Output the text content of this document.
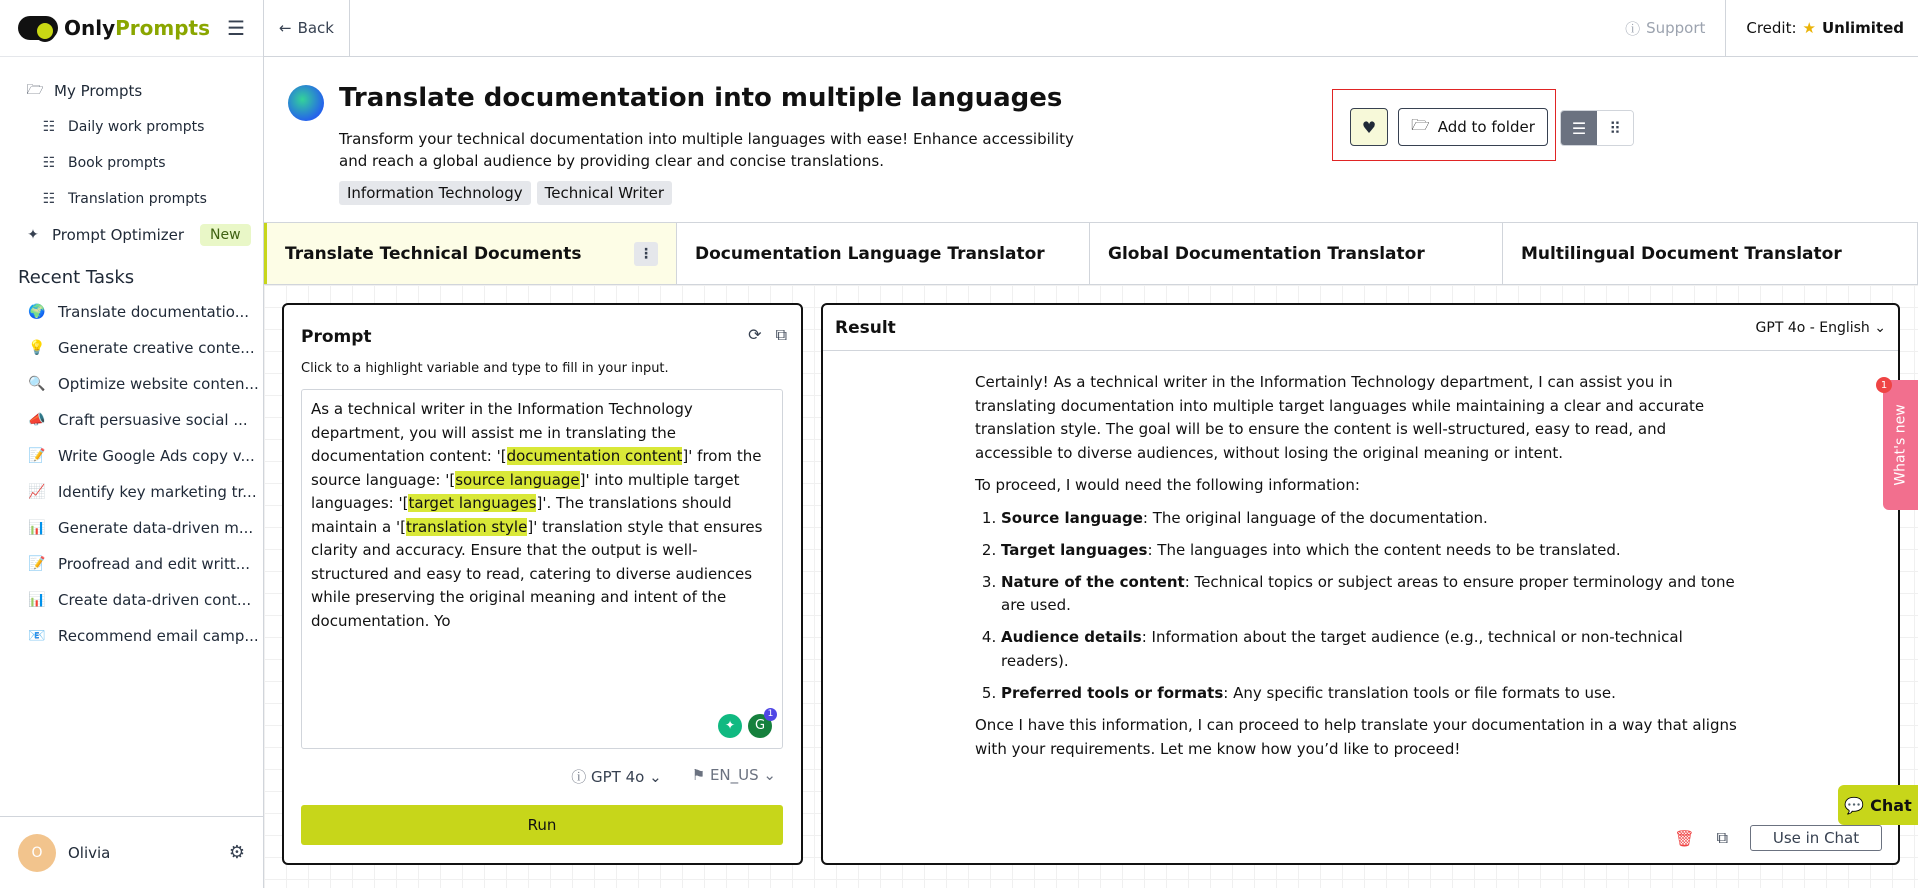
Only Prompts ☰
🗁 My Prompts
☷ Daily work prompts
☷ Book prompts
☷ Translation prompts
✦ Prompt Optimizer	New
Recent Tasks
🌍 Translate documentatio...
💡 Generate creative conte...
🔍 Optimize website conten...
📣 Craft persuasive social ...
📝 Write Google Ads copy v...
📈 Identify key marketing tr...
📊 Generate data-driven m...
📝 Proofread and edit writt...
📊 Create data-driven cont...
📧 Recommend email camp...
O	Olivia	⚙
← Back	ⓘ Support	Credit: ★ Unlimited
Translate documentation into multiple languages

Transform your technical documentation into multiple languages with ease! Enhance accessibility and reach a global audience by providing clear and concise translations.

Information Technology	Technical Writer
♥ 🗁 Add to folder ☰ ⠿
Translate Technical Documents	⋮ Documentation Language Translator	Global Documentation Translator	Multilingual Document Translator
Prompt	⟳ ⧉
Click to a highlight variable and type to fill in your input.
As a technical writer in the Information Technology department, you will assist me in translating the documentation content: '[documentation content]' from the source language: '[source language]' into multiple target languages: '[target languages]'. The translations should maintain a '[translation style]' translation style that ensures clarity and accuracy. Ensure that the output is well-structured and easy to read, catering to diverse audiences while preserving the original meaning and intent of the documentation. Yo
✦	G
1
ⓘ GPT 4o ⌄ ⚑ EN_US ⌄
Run
Result	GPT 4o - English ⌄

Certainly! As a technical writer in the Information Technology department, I can assist you in translating documentation into multiple target languages while maintaining a clear and accurate translation style. The goal will be to ensure the content is well-structured, easy to read, and accessible to diverse audiences, without losing the original meaning or intent.

To proceed, I would need the following information:

1. Source language: The original language of the documentation.
2. Target languages: The languages into which the content needs to be translated.
3. Nature of the content: Technical topics or subject areas to ensure proper terminology and tone are used.
4. Audience details: Information about the target audience (e.g., technical or non-technical readers).
5. Preferred tools or formats: Any specific translation tools or file formats to use.

Once I have this information, I can proceed to help translate your documentation in a way that aligns with your requirements. Let me know how you’d like to proceed!

🗑 ⧉	Use in Chat
What's new
1
💬 Chat
